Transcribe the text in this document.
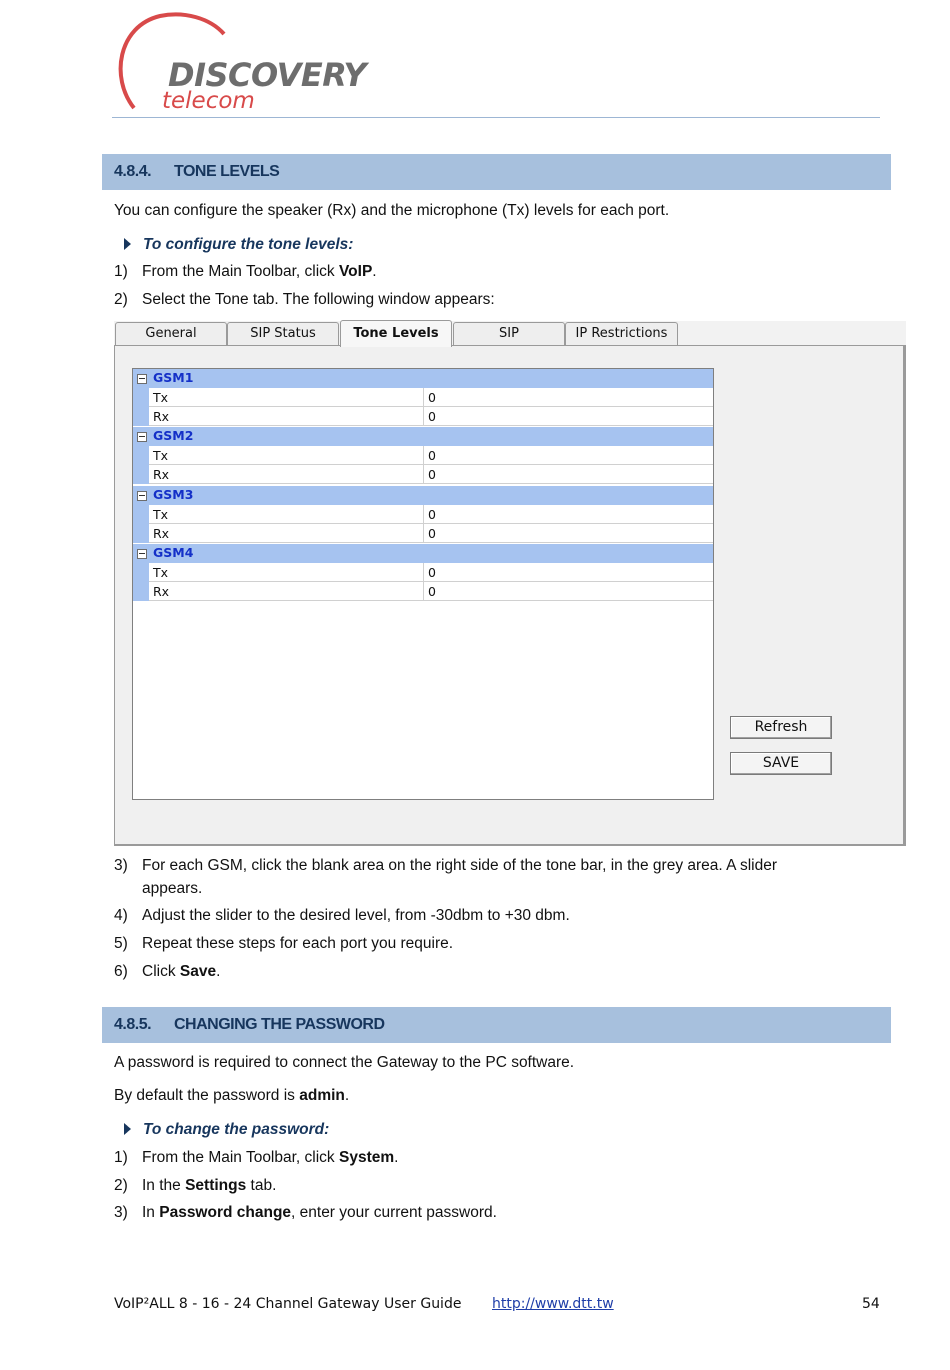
DISCOVERY
telecom
4.8.4. TONE LEVELS
You can configure the speaker (Rx) and the microphone (Tx) levels for each port.
To configure the tone levels:
1) From the Main Toolbar, click VoIP.
2) Select the Tone tab. The following window appears:
General	SIP Status	Tone Levels	SIP	IP Restrictions
GSM1
Tx	0
Rx	0
GSM2
Tx	0
Rx	0
GSM3
Tx	0
Rx	0
GSM4
Tx	0
Rx	0
Refresh
SAVE
3) For each GSM, click the blank area on the right side of the tone bar, in the grey area. A slider
appears.
4) Adjust the slider to the desired level, from -30dbm to +30 dbm.
5) Repeat these steps for each port you require.
6) Click Save.
4.8.5. CHANGING THE PASSWORD
A password is required to connect the Gateway to the PC software.
By default the password is admin.
To change the password:
1) From the Main Toolbar, click System.
2) In the Settings tab.
3) In Password change, enter your current password.
VoIP²ALL 8 - 16 - 24 Channel Gateway User Guide http://www.dtt.tw	54
